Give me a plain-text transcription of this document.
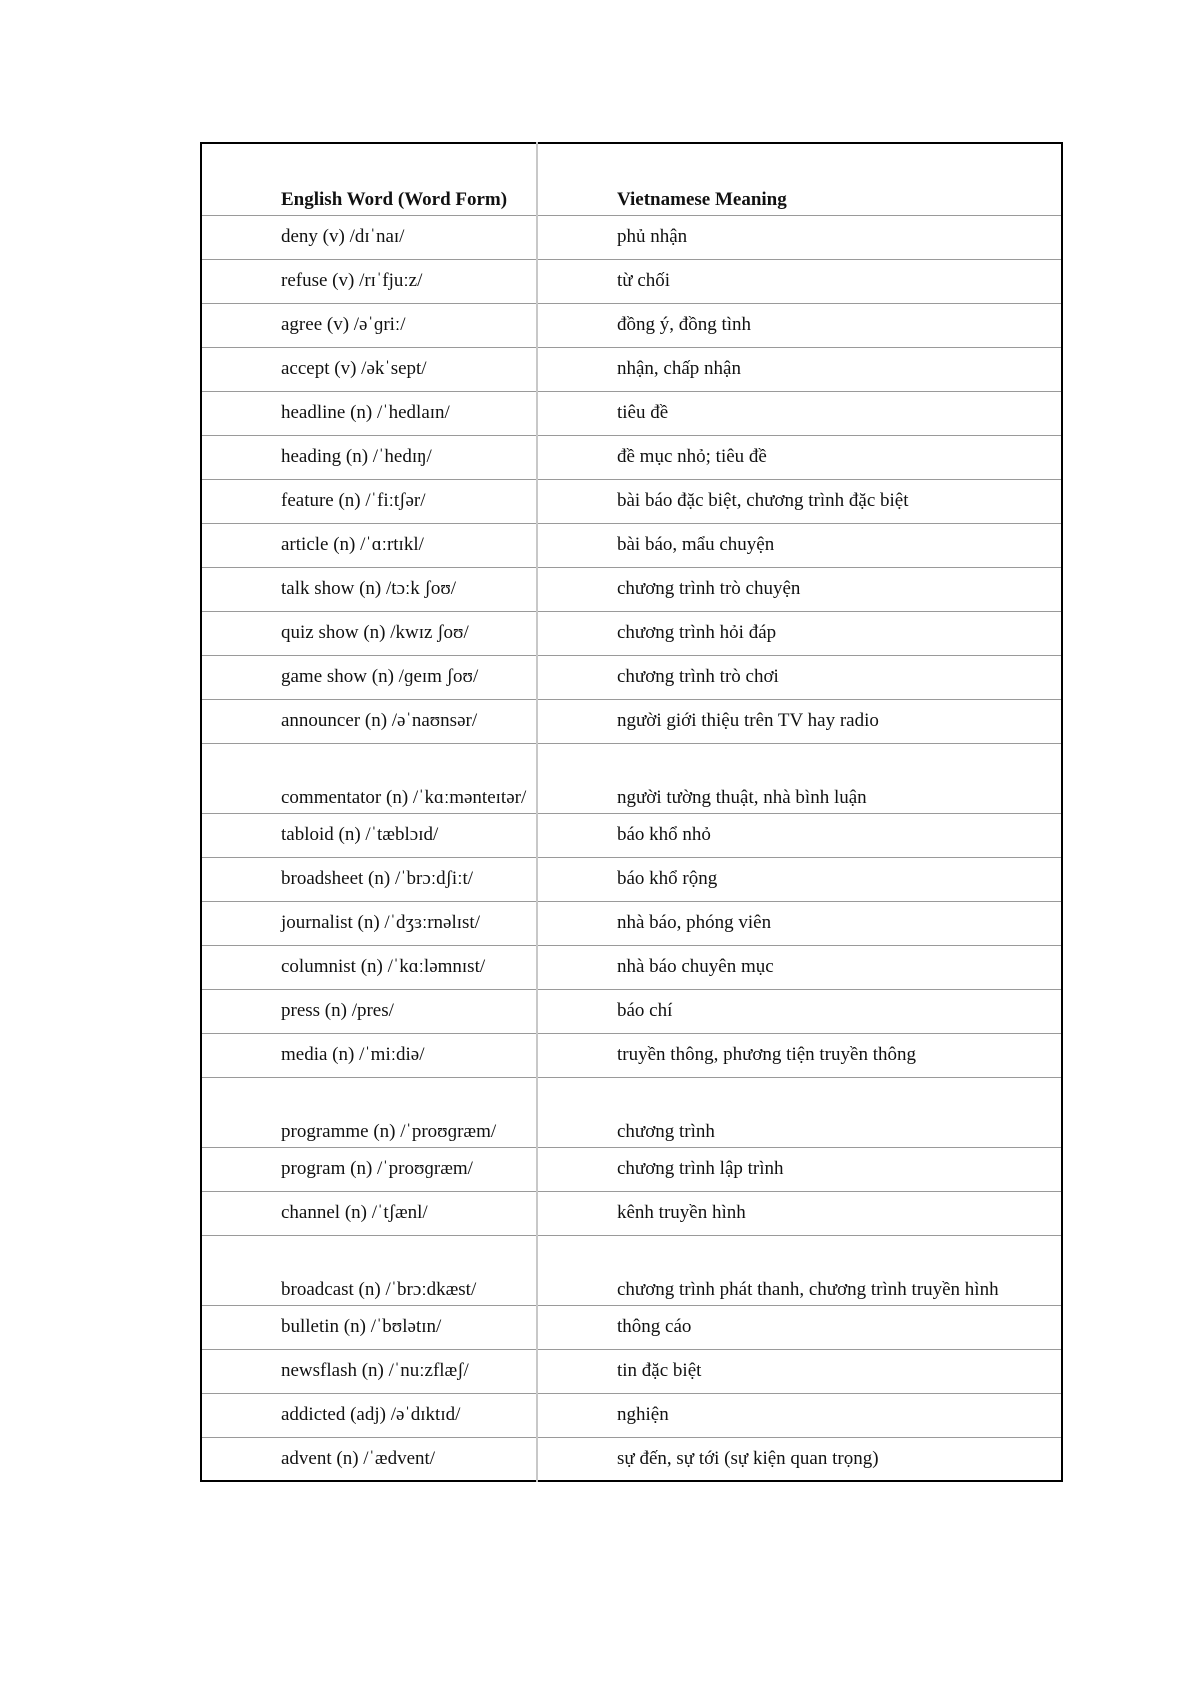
English Word (Word Form)	Vietnamese Meaning

deny (v) /dɪˈnaɪ/	phủ nhận

refuse (v) /rɪˈfjuːz/	từ chối

agree (v) /əˈɡriː/	đồng ý, đồng tình

accept (v) /əkˈsept/	nhận, chấp nhận

headline (n) /ˈhedlaɪn/	tiêu đề

heading (n) /ˈhedɪŋ/	đề mục nhỏ; tiêu đề

feature (n) /ˈfiːtʃər/	bài báo đặc biệt, chương trình đặc biệt

article (n) /ˈɑːrtɪkl/	bài báo, mẩu chuyện

talk show (n) /tɔːk ʃoʊ/	chương trình trò chuyện

quiz show (n) /kwɪz ʃoʊ/	chương trình hỏi đáp

game show (n) /ɡeɪm ʃoʊ/	chương trình trò chơi

announcer (n) /əˈnaʊnsər/	người giới thiệu trên TV hay radio

commentator (n) /ˈkɑːmənteɪtər/	người tường thuật, nhà bình luận

tabloid (n) /ˈtæblɔɪd/	báo khổ nhỏ

broadsheet (n) /ˈbrɔːdʃiːt/	báo khổ rộng

journalist (n) /ˈdʒɜːrnəlɪst/	nhà báo, phóng viên

columnist (n) /ˈkɑːləmnɪst/	nhà báo chuyên mục

press (n) /pres/	báo chí

media (n) /ˈmiːdiə/	truyền thông, phương tiện truyền thông

programme (n) /ˈproʊɡræm/	chương trình

program (n) /ˈproʊɡræm/	chương trình lập trình

channel (n) /ˈtʃænl/	kênh truyền hình

broadcast (n) /ˈbrɔːdkæst/	chương trình phát thanh, chương trình truyền hình

bulletin (n) /ˈbʊlətɪn/	thông cáo

newsflash (n) /ˈnuːzflæʃ/	tin đặc biệt

addicted (adj) /əˈdɪktɪd/	nghiện

advent (n) /ˈædvent/	sự đến, sự tới (sự kiện quan trọng)
